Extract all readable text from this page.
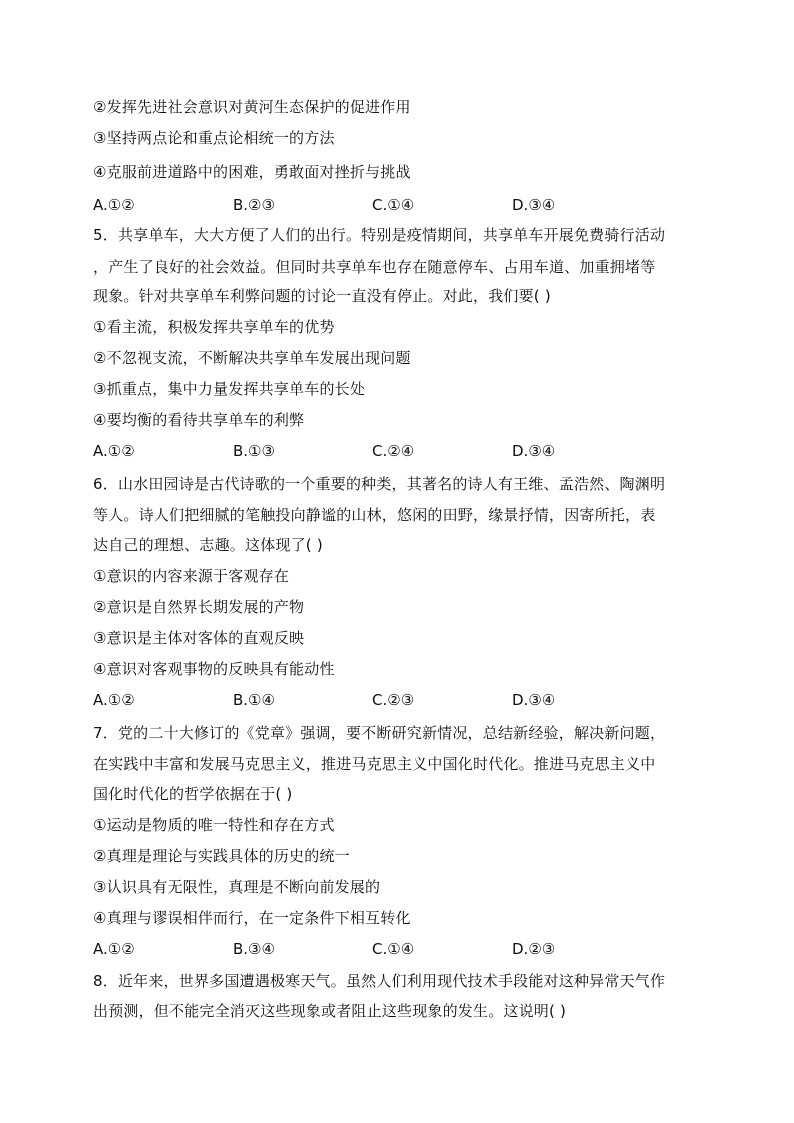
②发挥先进社会意识对黄河生态保护的促进作用
③坚持两点论和重点论相统一的方法
④克服前进道路中的困难，勇敢面对挫折与挑战
A.①②	B.②③	C.①④	D.③④
5．共享单车，大大方便了人们的出行。特别是疫情期间，共享单车开展免费骑行活动
，产生了良好的社会效益。但同时共享单车也存在随意停车、占用车道、加重拥堵等
现象。针对共享单车利弊问题的讨论一直没有停止。对此，我们要( )
①看主流，积极发挥共享单车的优势
②不忽视支流，不断解决共享单车发展出现问题
③抓重点，集中力量发挥共享单车的长处
④要均衡的看待共享单车的利弊
A.①②	B.①③	C.②④	D.③④
6．山水田园诗是古代诗歌的一个重要的种类，其著名的诗人有王维、孟浩然、陶渊明
等人。诗人们把细腻的笔触投向静谧的山林，悠闲的田野，缘景抒情，因寄所托，表
达自己的理想、志趣。这体现了( )
①意识的内容来源于客观存在
②意识是自然界长期发展的产物
③意识是主体对客体的直观反映
④意识对客观事物的反映具有能动性
A.①②	B.①④	C.②③	D.③④
7．党的二十大修订的《党章》强调，要不断研究新情况，总结新经验，解决新问题，
在实践中丰富和发展马克思主义，推进马克思主义中国化时代化。推进马克思主义中
国化时代化的哲学依据在于( )
①运动是物质的唯一特性和存在方式
②真理是理论与实践具体的历史的统一
③认识具有无限性，真理是不断向前发展的
④真理与谬误相伴而行，在一定条件下相互转化
A.①②	B.③④	C.①④	D.②③
8．近年来，世界多国遭遇极寒天气。虽然人们利用现代技术手段能对这种异常天气作
出预测，但不能完全消灭这些现象或者阻止这些现象的发生。这说明( )
